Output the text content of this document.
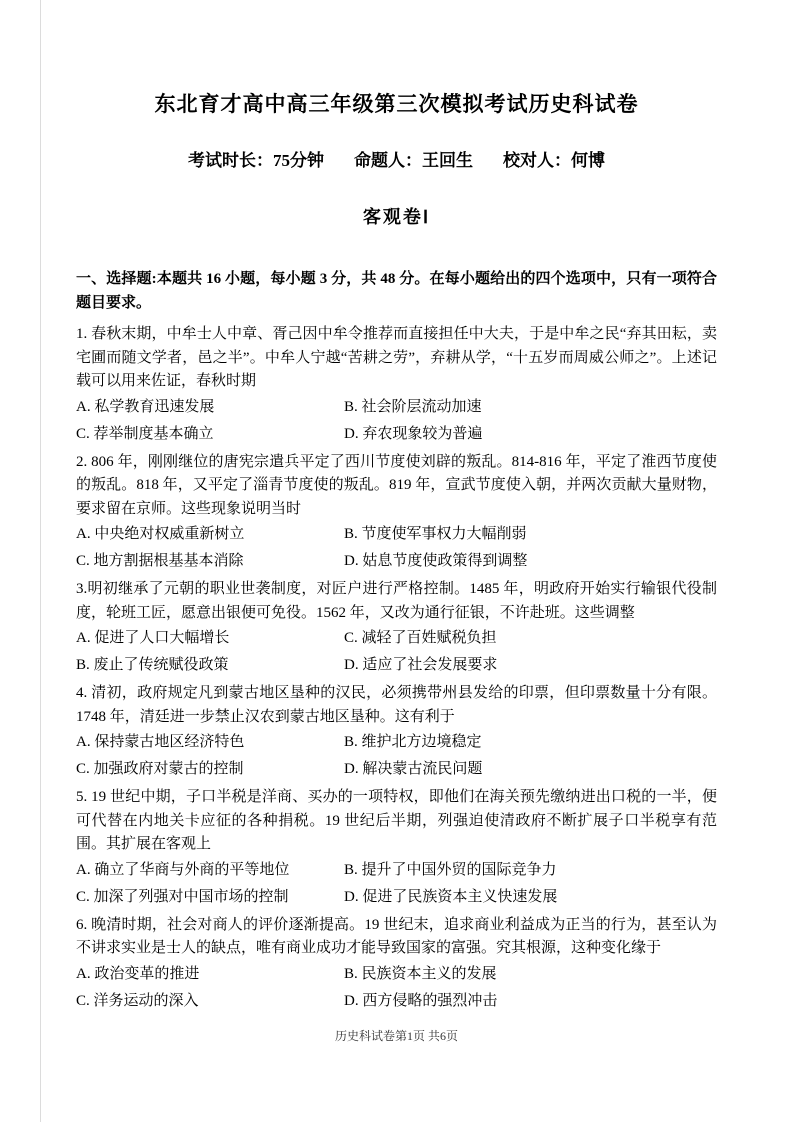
东北育才高中高三年级第三次模拟考试历史科试卷
考试时长：75分钟 命题人：王回生 校对人：何博
客观卷Ⅰ

一、选择题:本题共 16 小题，每小题 3 分，共 48 分。在每小题给出的四个选项中，只有一项符合题目要求。

1. 春秋末期，中牟士人中章、胥己因中牟令推荐而直接担任中大夫，于是中牟之民“弃其田耘，卖宅圃而随文学者，邑之半”。中牟人宁越“苦耕之劳”，弃耕从学，“十五岁而周威公师之”。上述记载可以用来佐证，春秋时期

A. 私学教育迅速发展	B. 社会阶层流动加速
C. 荐举制度基本确立	D. 弃农现象较为普遍

2. 806 年，刚刚继位的唐宪宗遣兵平定了西川节度使刘辟的叛乱。814-816 年，平定了淮西节度使的叛乱。818 年，又平定了淄青节度使的叛乱。819 年，宣武节度使入朝，并两次贡献大量财物，要求留在京师。这些现象说明当时

A. 中央绝对权威重新树立	B. 节度使军事权力大幅削弱
C. 地方割据根基基本消除	D. 姑息节度使政策得到调整

3.明初继承了元朝的职业世袭制度，对匠户进行严格控制。1485 年，明政府开始实行输银代役制度，轮班工匠，愿意出银便可免役。1562 年，又改为通行征银，不许赴班。这些调整

A. 促进了人口大幅增长	C. 减轻了百姓赋税负担
B. 废止了传统赋役政策	D. 适应了社会发展要求

4. 清初，政府规定凡到蒙古地区垦种的汉民，必须携带州县发给的印票，但印票数量十分有限。1748 年，清廷进一步禁止汉农到蒙古地区垦种。这有利于

A. 保持蒙古地区经济特色	B. 维护北方边境稳定
C. 加强政府对蒙古的控制	D. 解决蒙古流民问题

5. 19 世纪中期，子口半税是洋商、买办的一项特权，即他们在海关预先缴纳进出口税的一半，便可代替在内地关卡应征的各种捐税。19 世纪后半期，列强迫使清政府不断扩展子口半税享有范围。其扩展在客观上

A. 确立了华商与外商的平等地位	B. 提升了中国外贸的国际竞争力
C. 加深了列强对中国市场的控制	D. 促进了民族资本主义快速发展

6. 晚清时期，社会对商人的评价逐渐提高。19 世纪末，追求商业利益成为正当的行为，甚至认为不讲求实业是士人的缺点，唯有商业成功才能导致国家的富强。究其根源，这种变化缘于

A. 政治变革的推进	B. 民族资本主义的发展
C. 洋务运动的深入	D. 西方侵略的强烈冲击
历史科试卷第1页 共6页
